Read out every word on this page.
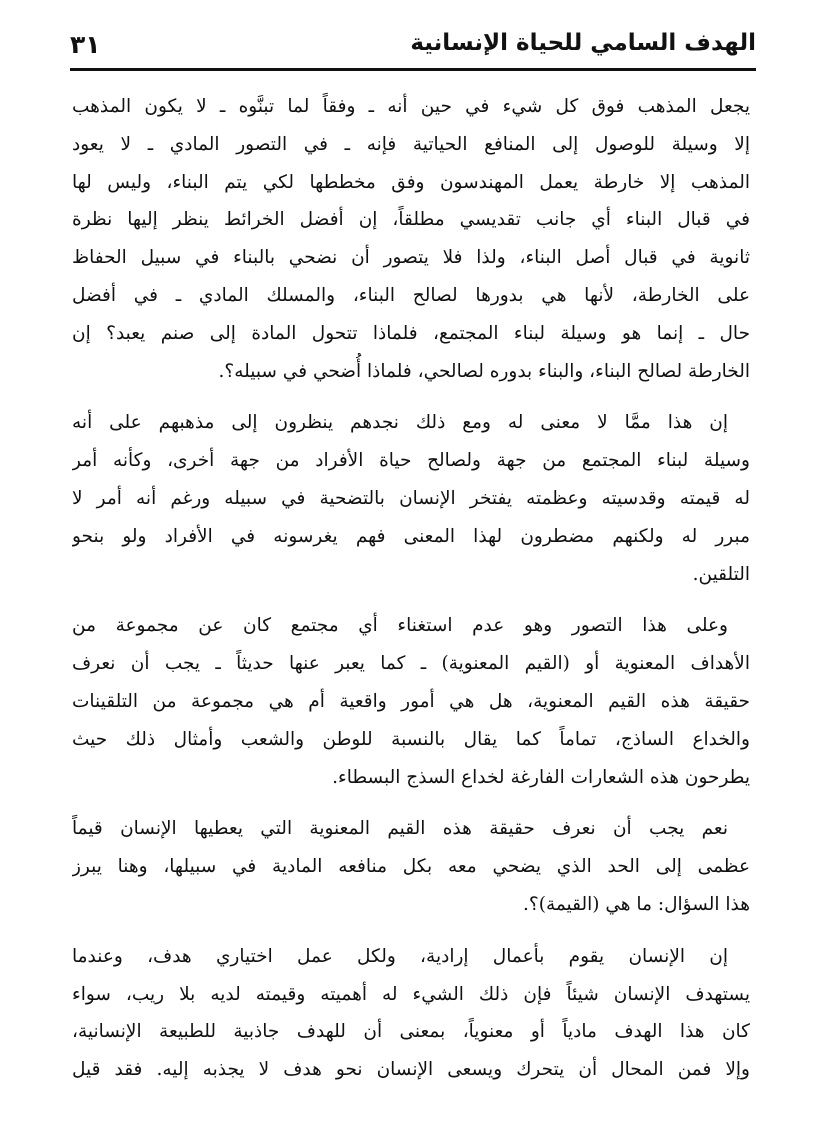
الهدف السامي للحياة الإنسانية
٣١
يجعل المذهب فوق كل شيء في حين أنه ـ وفقاً لما تبنَّوه ـ لا يكون المذهب
إلا وسيلة للوصول إلى المنافع الحياتية فإنه ـ في التصور المادي ـ لا يعود
المذهب إلا خارطة يعمل المهندسون وفق مخططها لكي يتم البناء، وليس لها
في قبال البناء أي جانب تقديسي مطلقاً، إن أفضل الخرائط ينظر إليها نظرة
ثانوية في قبال أصل البناء، ولذا فلا يتصور أن نضحي بالبناء في سبيل الحفاظ
على الخارطة، لأنها هي بدورها لصالح البناء، والمسلك المادي ـ في أفضل
حال ـ إنما هو وسيلة لبناء المجتمع، فلماذا تتحول المادة إلى صنم يعبد؟ إن
الخارطة لصالح البناء، والبناء بدوره لصالحي، فلماذا أُضحي في سبيله؟.
إن هذا ممَّا لا معنى له ومع ذلك نجدهم ينظرون إلى مذهبهم على أنه
وسيلة لبناء المجتمع من جهة ولصالح حياة الأفراد من جهة أخرى، وكأنه أمر
له قيمته وقدسيته وعظمته يفتخر الإنسان بالتضحية في سبيله ورغم أنه أمر لا
مبرر له ولكنهم مضطرون لهذا المعنى فهم يغرسونه في الأفراد ولو بنحو
التلقين.
وعلى هذا التصور وهو عدم استغناء أي مجتمع كان عن مجموعة من
الأهداف المعنوية أو (القيم المعنوية) ـ كما يعبر عنها حديثاً ـ يجب أن نعرف
حقيقة هذه القيم المعنوية، هل هي أمور واقعية أم هي مجموعة من التلقينات
والخداع الساذج، تماماً كما يقال بالنسبة للوطن والشعب وأمثال ذلك حيث
يطرحون هذه الشعارات الفارغة لخداع السذج البسطاء.
نعم يجب أن نعرف حقيقة هذه القيم المعنوية التي يعطيها الإنسان قيماً
عظمى إلى الحد الذي يضحي معه بكل منافعه المادية في سبيلها، وهنا يبرز
هذا السؤال: ما هي (القيمة)؟.
إن الإنسان يقوم بأعمال إرادية، ولكل عمل اختياري هدف، وعندما
يستهدف الإنسان شيئاً فإن ذلك الشيء له أهميته وقيمته لديه بلا ريب، سواء
كان هذا الهدف مادياً أو معنوياً، بمعنى أن للهدف جاذبية للطبيعة الإنسانية،
وإلا فمن المحال أن يتحرك ويسعى الإنسان نحو هدف لا يجذبه إليه. فقد قيل
